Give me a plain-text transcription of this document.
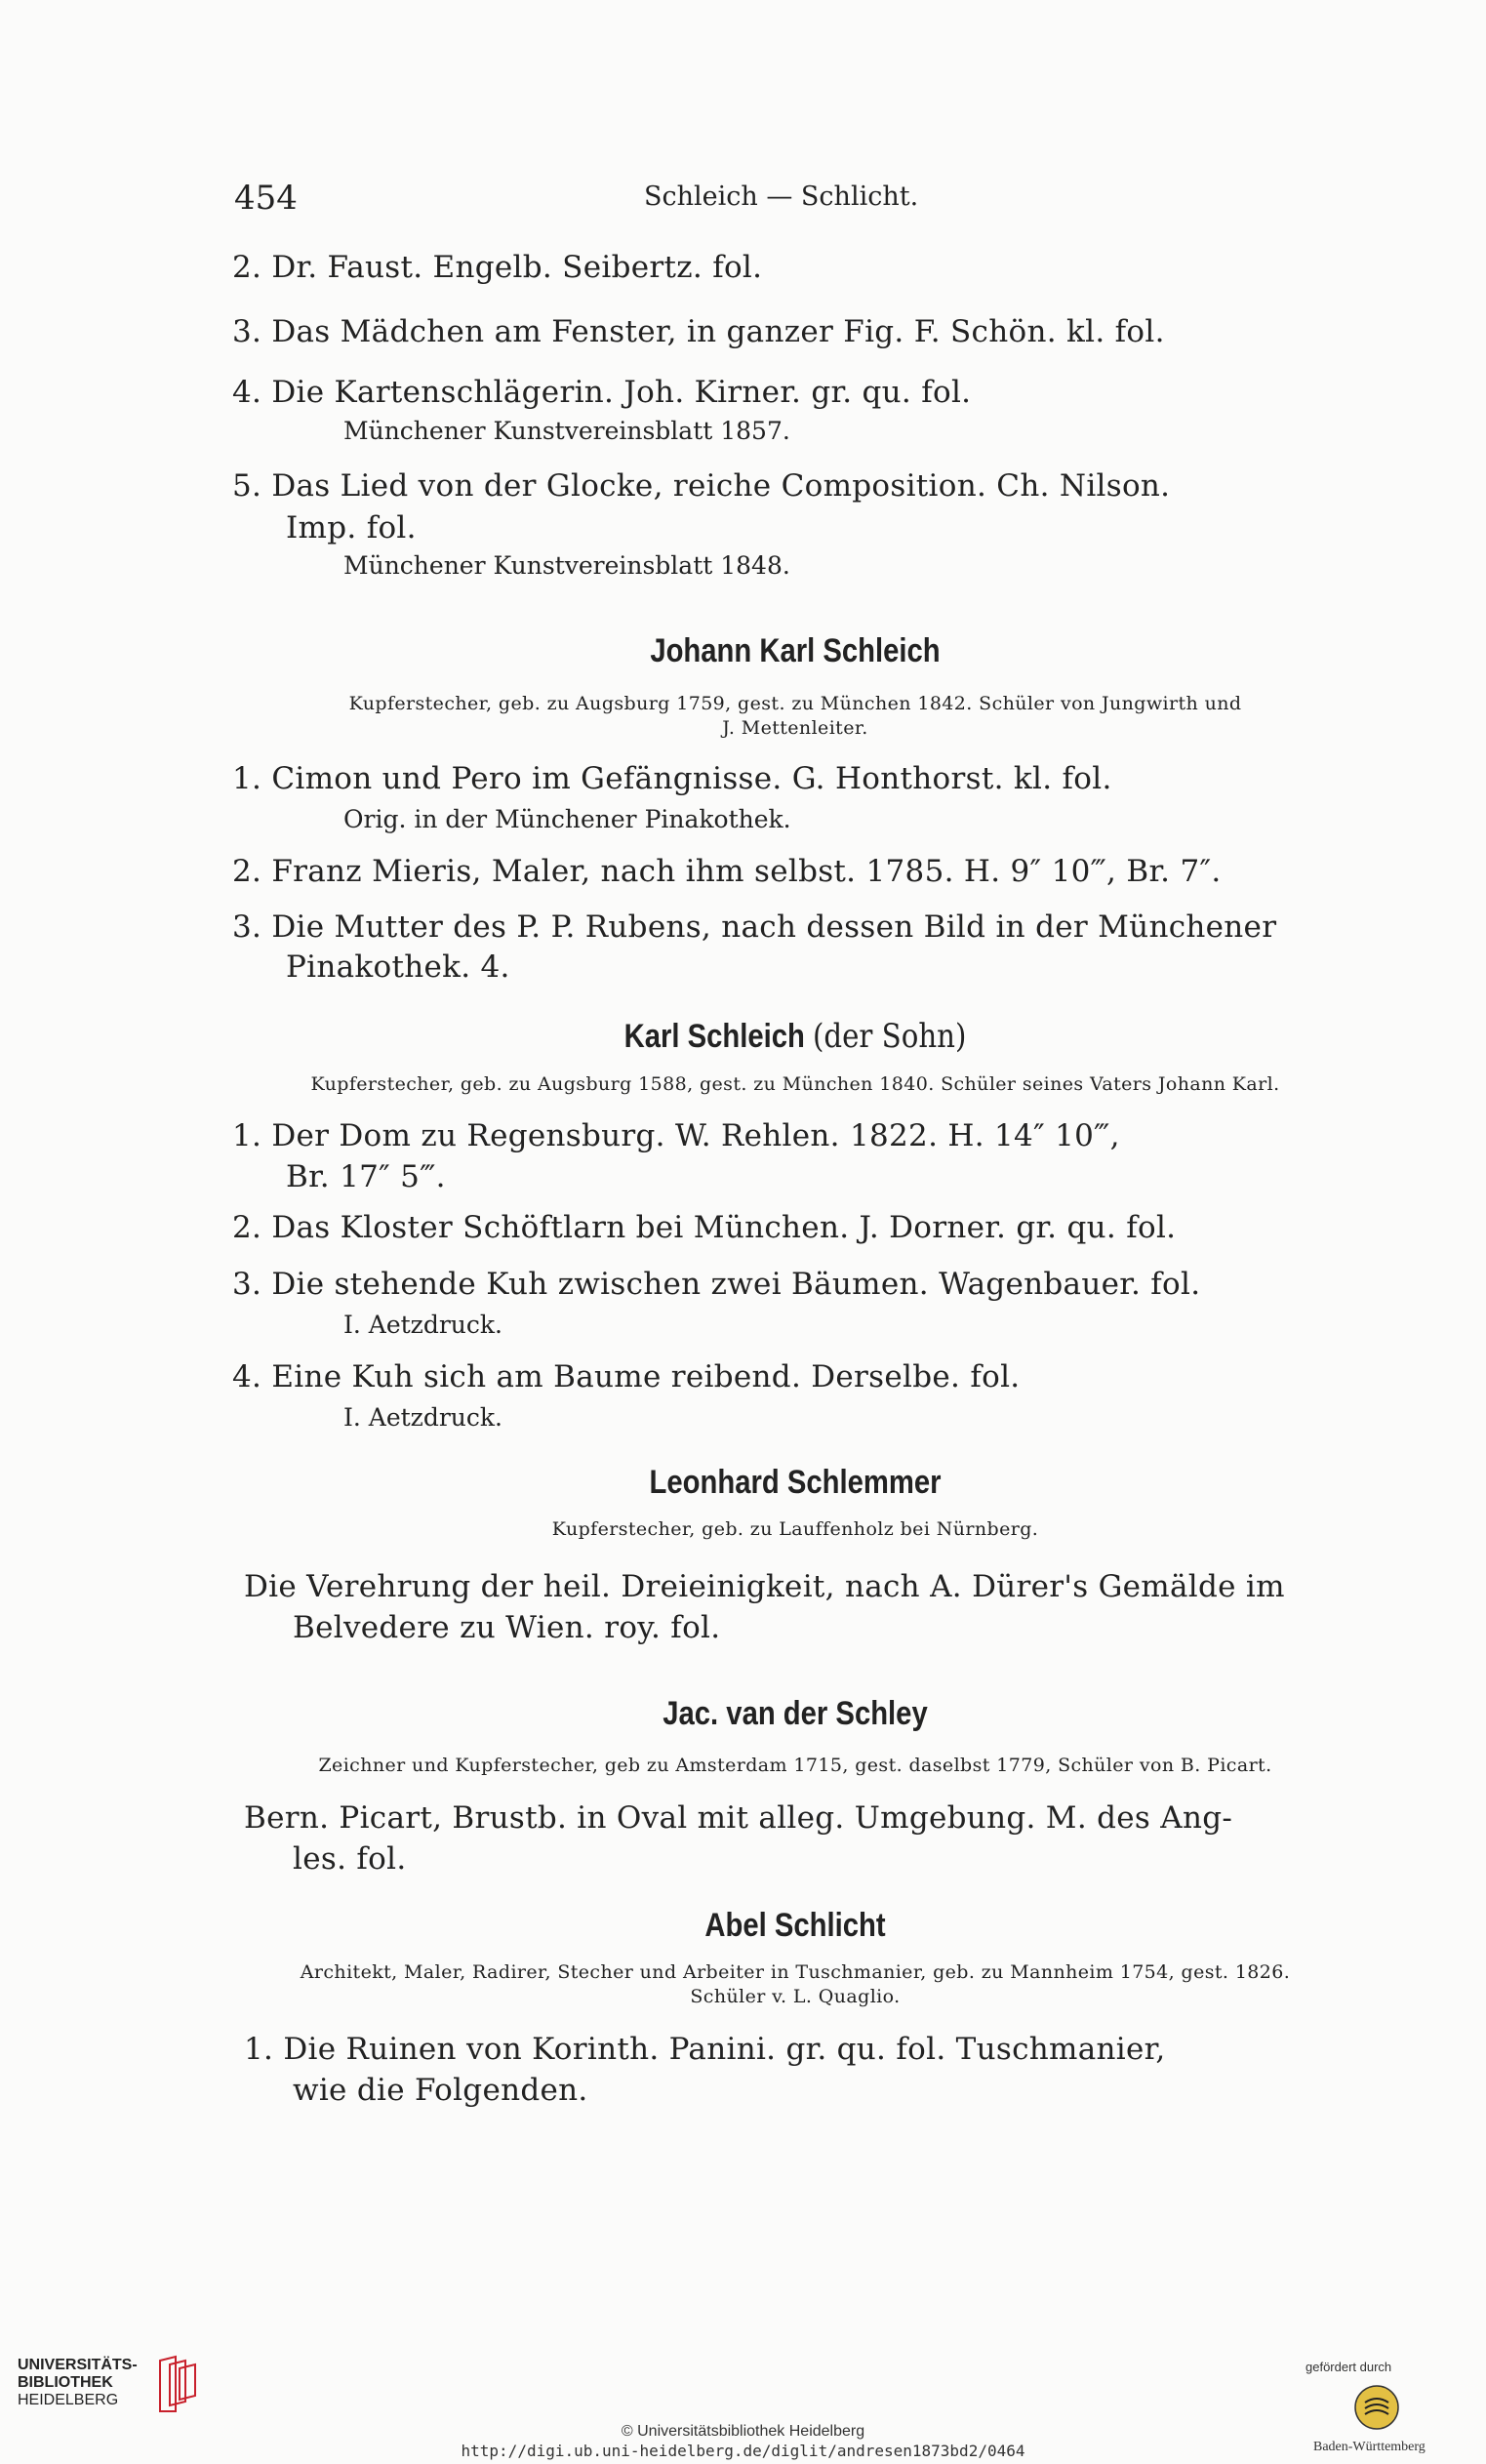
454	Schleich — Schlicht.
2. Dr. Faust. Engelb. Seibertz. fol.
3. Das Mädchen am Fenster, in ganzer Fig. F. Schön. kl. fol.
4. Die Kartenschlägerin. Joh. Kirner. gr. qu. fol.
Münchener Kunstvereinsblatt 1857.
5. Das Lied von der Glocke, reiche Composition. Ch. Nilson.
Imp. fol.
Münchener Kunstvereinsblatt 1848.
Johann Karl Schleich
Kupferstecher, geb. zu Augsburg 1759, gest. zu München 1842. Schüler von Jungwirth und
J. Mettenleiter.
1. Cimon und Pero im Gefängnisse. G. Honthorst. kl. fol.
Orig. in der Münchener Pinakothek.
2. Franz Mieris, Maler, nach ihm selbst. 1785. H. 9″ 10‴, Br. 7″.
3. Die Mutter des P. P. Rubens, nach dessen Bild in der Münchener
Pinakothek. 4.
Karl Schleich (der Sohn)
Kupferstecher, geb. zu Augsburg 1588, gest. zu München 1840. Schüler seines Vaters Johann Karl.
1. Der Dom zu Regensburg. W. Rehlen. 1822. H. 14″ 10‴,
Br. 17″ 5‴.
2. Das Kloster Schöftlarn bei München. J. Dorner. gr. qu. fol.
3. Die stehende Kuh zwischen zwei Bäumen. Wagenbauer. fol.
I. Aetzdruck.
4. Eine Kuh sich am Baume reibend. Derselbe. fol.
I. Aetzdruck.
Leonhard Schlemmer
Kupferstecher, geb. zu Lauffenholz bei Nürnberg.
Die Verehrung der heil. Dreieinigkeit, nach A. Dürer's Gemälde im
Belvedere zu Wien. roy. fol.
Jac. van der Schley
Zeichner und Kupferstecher, geb zu Amsterdam 1715, gest. daselbst 1779, Schüler von B. Picart.
Bern. Picart, Brustb. in Oval mit alleg. Umgebung. M. des Ang-
les. fol.
Abel Schlicht
Architekt, Maler, Radirer, Stecher und Arbeiter in Tuschmanier, geb. zu Mannheim 1754, gest. 1826.
Schüler v. L. Quaglio.
1. Die Ruinen von Korinth. Panini. gr. qu. fol. Tuschmanier,
wie die Folgenden.
UNIVERSITÄTS-
BIBLIOTHEK
HEIDELBERG
© Universitätsbibliothek Heidelberg
http://digi.ub.uni-heidelberg.de/diglit/andresen1873bd2/0464
gefördert durch
Baden-Württemberg
